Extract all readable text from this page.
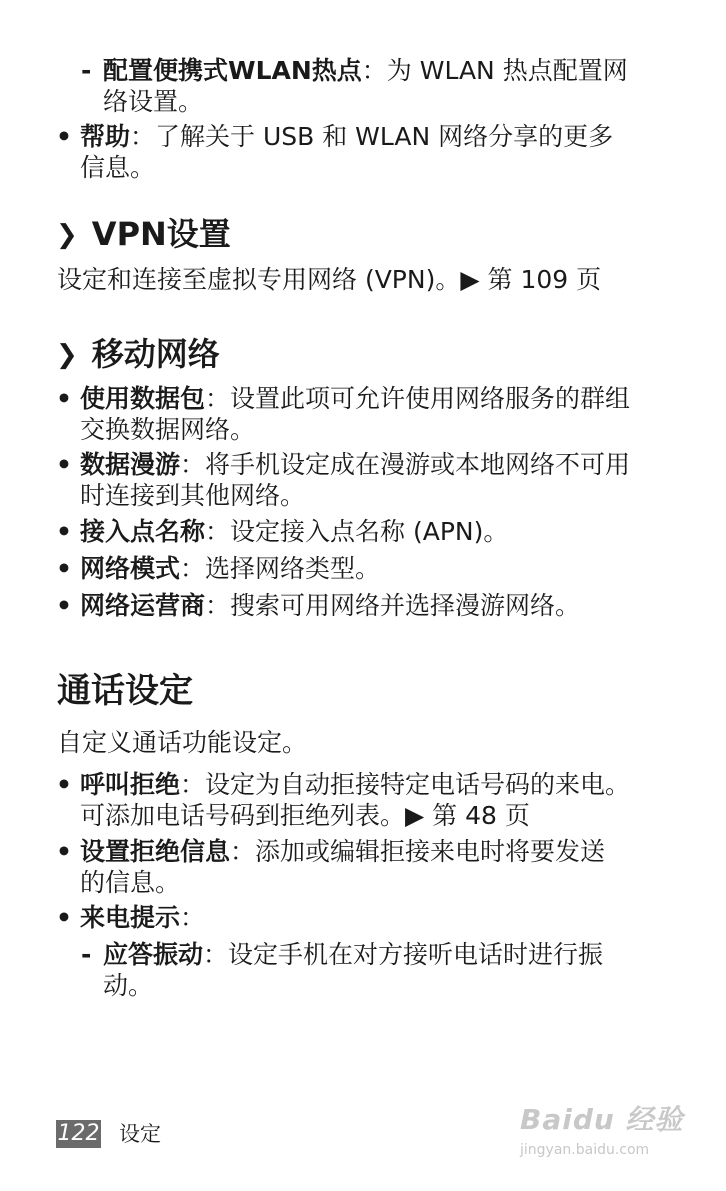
- 配置便携式WLAN热点：为 WLAN 热点配置网
络设置。
• 帮助：了解关于 USB 和 WLAN 网络分享的更多
信息。
❯ VPN设置
设定和连接至虚拟专用网络 (VPN)。▶ 第 109 页
❯ 移动网络
• 使用数据包：设置此项可允许使用网络服务的群组
交换数据网络。
• 数据漫游：将手机设定成在漫游或本地网络不可用
时连接到其他网络。
• 接入点名称：设定接入点名称 (APN)。
• 网络模式：选择网络类型。
• 网络运营商：搜索可用网络并选择漫游网络。
通话设定
自定义通话功能设定。
• 呼叫拒绝：设定为自动拒接特定电话号码的来电。
可添加电话号码到拒绝列表。▶ 第 48 页
• 设置拒绝信息：添加或编辑拒接来电时将要发送
的信息。
• 来电提示：
- 应答振动：设定手机在对方接听电话时进行振
动。
122 设定	Baidu 经验
jingyan.baidu.com
